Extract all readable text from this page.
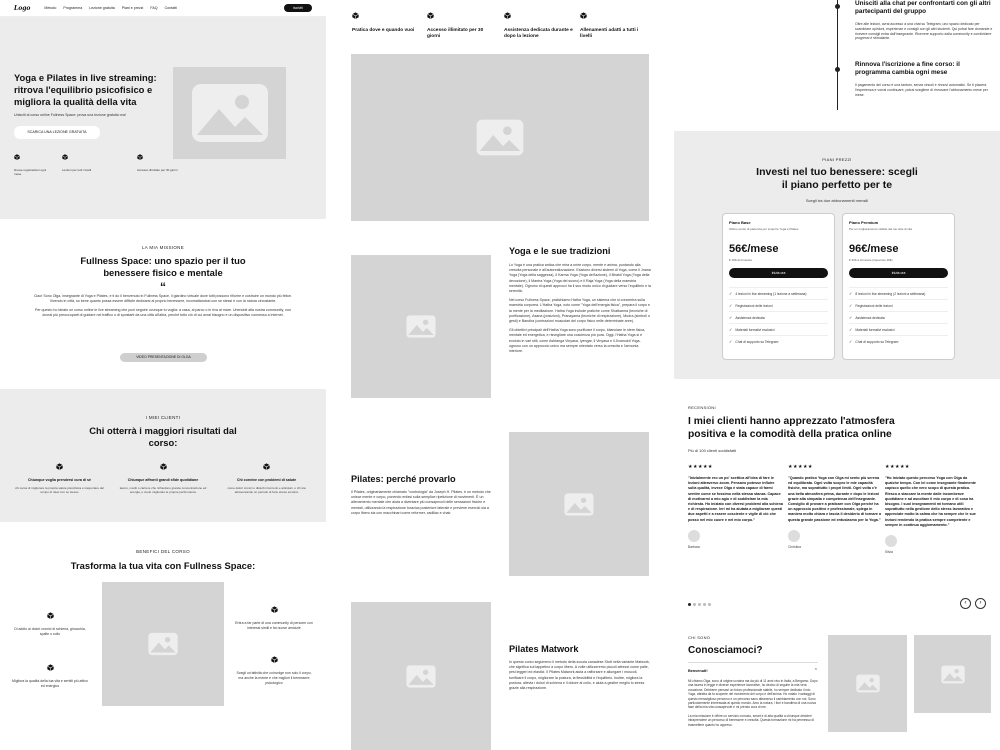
Logo	Metodo Programma Lezione gratuita Piani e prezzi FAQ Contatti	Iscriviti
Yoga e Pilates in live streaming: ritrova l'equilibrio psicofisico e migliora la qualità della vita
Unisciti al corso online Fullness Space: prova una lezione gratuita ora!
SCARICA UNA LEZIONE GRATUITA
Nuove registrazioni ogni mese
Lezioni per tutti i livelli	Accesso illimitato per 30 giorni
LA MIA MISSIONE
Fullness Space: uno spazio per il tuo benessere fisico e mentale
“
Ciao! Sono Olga, insegnante di Yoga e Pilates, e ti do il benvenuto in Fullness Space, il giardino virtuale dove tutti possono rifiorire e costruire un mondo più felice. Vivendo in città, so bene quanto possa essere difficile dedicarsi al proprio benessere, incomattandosi con se stessi e con la natura circostante.
Per questo ho ideato un corso online in live streaming che puoi seguire ovunque tu voglia: a casa, al parco o in riva al mare. Unendoti alla nostra community, non dovrai più preoccuparti di guidare nel traffico o di spostarti da una città all'altra, perché tutto ciò di cui avrai bisogno è un dispositivo connesso a internet.
VIDEO PRESENTAZIONE DI OLGA
I MIEI CLIENTI
Chi otterrà i maggiori risultati dal corso:
Chiunque voglia prendersi cura di sé
chi cerca di migliorare la propria salute psicofisica e trasportare del tempo di relax con se stesso
Chiunque affronti grandi sfide quotidiane
lavoro, mariti o carriere che richiedono grande concentrazione ed energia, e vuole migliorare le proprie performance
Chi convive con problemi di salute
come dolori cronici o disturbi ricorrenti e articolari, o chi sta attraversando un periodo di forte stress emotivo
BENEFICI DEL CORSO
Trasforma la tua vita con Fullness Space:
Di addio ai dolori cronici di schiena, ginocchia, spalle o collo
Migliora la qualità della tua vita e sentiti più attivo ed energico
Entra a far parte di una community di persone con interessi simili e fai nuove amicizie
Scegli un'attività che coinvolge non solo il corpo, ma anche la mente e che migliori il benessere psicologico
Pratica dove e quando vuoi	Accesso illimitato per 30 giorni
Assistenza dedicata durante e dopo la lezione
Allenamenti adatti a tutti i livelli
Yoga e le sue tradizioni
Lo Yoga è una pratica antica che mira a unire corpo, mente e anima, puntando alla crescita personale e all'autorealizzazione. Esistono diversi sistemi di Yoga, come il Jnana Yoga (Yoga della saggezza), il Karma Yoga (Yoga dell'azione), il Bhakti Yoga (Yoga della devozione), il Mantra Yoga (Yoga del suono) e il Raja Yoga (Yoga della maestria mentale). Ognuno di questi approcci ha il suo modo unico di guidare verso l'equilibrio e la serenità.
Nel corso Fullness Space, pratichiamo Hatha Yoga, un sistema che si concentra sulla maestria corporea. L'Hatha Yoga, noto come "Yoga dell'energia fisica", prepara il corpo e la mente per la meditazione. Hatha Yoga include pratiche come Shatkarma (tecniche di purificazione), Asana (posizioni), Pranayama (tecniche di respirazione), Mudra (simboli o gesti) e Bandha (contrazioni muscolari del corpo fisico nelle determinate aree).
Gli obiettivi principali dell'Hatha Yoga sono purificare il corpo, bilanciare le sfere fisica, mentale ed energetica, e risvegliare una coscienza più pura. Oggi, l'Hatha Yoga si è evoluto in vari stili, come Ashtanga Vinyasa, Iyengar, il Vinyasa e il Jivamukti Yoga, ognuno con un approccio unico ma sempre orientato verso la crescita e l'armonia interiore.
Pilates: perché provarlo
Il Pilates, originariamente chiamato "contrologia" da Joseph H. Pilates, è un metodo che unisce mente e corpo, ponendo enfasi sulla semplice ripetizione di movimenti. È un allenamento mentale che aiuta a diventare più consapevoli delle sensazioni fisiche e mentali, utilizzando la respirazione toracica posteriore laterale e previene esercizi sia a corpo libero sia con macchinari come reformer, cadillac e chair.
Pilates Matwork
In questo corso seguiremo il metodo della scuola canadese Stott nella variante Matwork, che significa sul tappetino a corpo libero. A volte utilizzeremo piccoli attrezzi come palle, pesi leggeri ed elastici. Il Pilates Matwork aiuta a rafforzare e allungare i muscoli, tonificare il corpo, migliorare la postura, la flessibilità e l'equilibrio. Inoltre, migliora la postura, allevia i dolori di schiena e il dolore al collo, e aiuta a gestire meglio lo stress grazie alla respirazione.
Unisciti alla chat per confrontarti con gli altri partecipanti del gruppo
Oltre alle lezioni, avrai accesso a una chat su Telegram, uno spazio dedicato per scambiare opinioni, esperienze e consigli con gli altri studenti. Qui potrai fare domande e ricevere consigli extra dall'insegnante. Ricevere supporto dalla community e condividere progressi è stimolante.
Rinnova l'iscrizione a fine corso: il programma cambia ogni mese
Il pagamento del corso è una tantum, senza vincoli e rinnovi automatici. Se ti piacerà l'esperienza e vorrai continuare, potrai scegliere di rinnovare l'abbonamento mese per mese.
PIANI PREZZI
Investi nel tuo benessere: scegli il piano perfetto per te
Scegli tra due abbonamenti mensili
Piano Base
Ottimo punto di partenza per scoprire Yoga e Pilates
56€/mese
€ 168 al trimestre
Inizia ora
✓ 4 lezioni in live streaming (1 lezione a settimana)
✓ Registrazioni delle lezioni
✓ Assistenza dedicata
✓ Materiali formativi esclusivi
✓ Chat di supporto su Telegram
Piano Premium
Per un miglioramento visibile del tuo stile di vita
96€/mese
€ 336 a trimestre (risparmio 16€)
Inizia ora
✓ 8 lezioni in live streaming (2 lezioni a settimana)
✓ Registrazioni delle lezioni
✓ Assistenza dedicata
✓ Materiali formativi esclusivi
✓ Chat di supporto su Telegram
RECENSIONI
I miei clienti hanno apprezzato l'atmosfera positiva e la comodità della pratica online
Più di 100 clienti soddisfatti
★★★★★
"Inizialmente ero un po' scettica all'idea di fare le lezioni attraverso zoom. Pensavo potesse influire sulla qualità, invece Olga è stata capace di farmi sentire come se fossimo nella stessa stanza. Capace di motivarmi a mio agio e di soddisfare la mia richiesta. Ho iniziato con diversi problemi alla schiena e di respirazione. Ieri mi ha aiutata a migliorare questi due aspetti e a essere cosciente e vigile di ciò che posso nel mio cuore e nel mio corpo."
Barbara
★★★★★
"Quando pratico Yoga con Olga mi sento più serena ed equilibrata. Ogni volta scopro le mie capacità fisiche, ma soprattutto i propri limiti. Ogni volta c'è una bella atmosfera prima, durante e dopo le lezioni grazie alla simpatia e competenza dell'insegnante. Consiglio di provare a praticare con Olga perché ha un approccio positivo e professionale, spiega in maniera molto chiara e lascia il desiderio di tornare a questa grande passione ed entusiasmo per lo Yoga."
Christina
★★★★★
"Ho iniziato questo percorso Yoga con Olga da qualche tempo. Con lei come insegnante finalmente capisco quello che vero scopo di questa pratica. Riesco a staccare la mente dalle incombenze quotidiane e ad ascoltare il mio corpo e di cosa ha bisogno. I suoi insegnamenti mi tornano utili soprattutto nella gestione dello stress lavorativo e appreciate molto la calma che ha sempre che le sue lezioni rendendo la pratica sempre competente e sempre in continuo aggiornamento."
Silvia
‹	›
CHI SONO
Conosciamoci?
Benvenuti!	⌃
Mi chiamo Olga, sono di origine ucraina ma da più di 11 anni vivo in Italia, a Bergamo. Dopo una laurea in legge e diverse esperienze lavorative, ho deciso di seguire la mia vera vocazione. Debbene pensavi un futuro professionale stabile, ho sempre dedicato il mio Yoga, attratta da fa scoperte del movimento del corpo e dell'anima. Ho notato i vantaggi di questo meraviglioso percorso e un percorso sano attraverso il cambiamento con noi. Sono particolarmente interessata al questo mondo. Amo la natura, i fiori e bandiera di una nuova fase della mia vita consapevole e mi prendo cura di me.
La mia missione è offrire un servizio comodo, smart e di alta qualità a chiunque desideri intraprendere un percorso di benessere e crescita. Questa formazione mi ha permesso di trasmettere quanto ho appreso.
